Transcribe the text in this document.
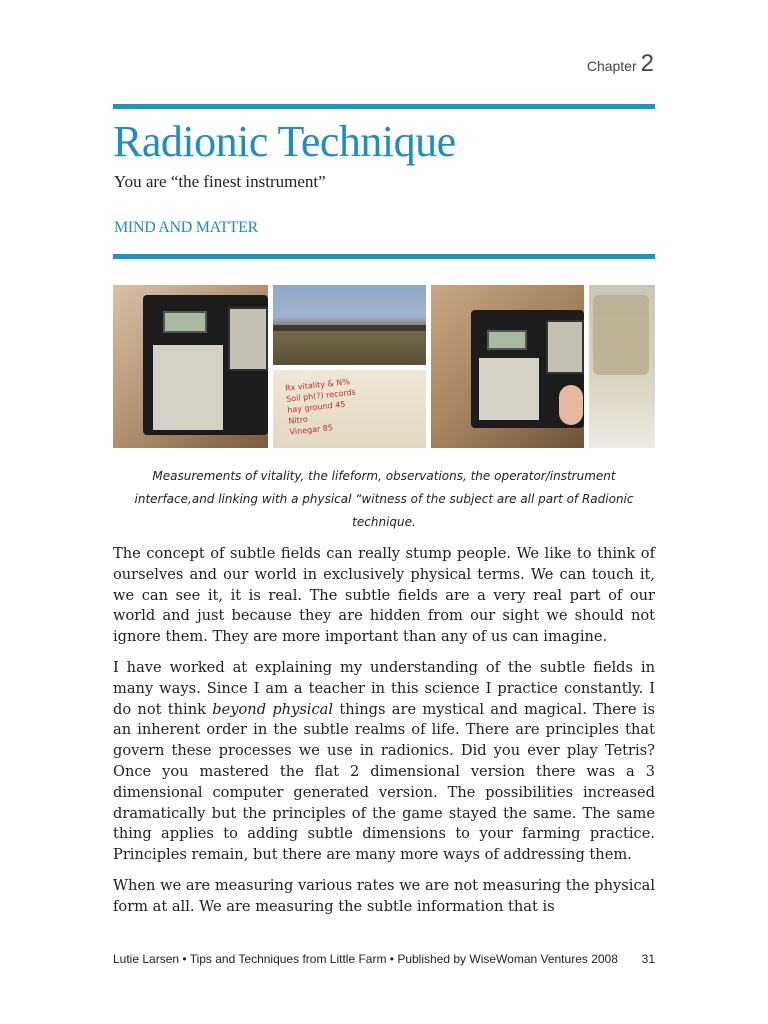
Chapter 2
Radionic Technique
You are “the finest instrument”
MIND AND MATTER
Rx vitality & N%
Soil ph(?) records
hay ground 45
Nitro
Vinegar 85

Measurements of vitality, the lifeform, observations, the operator/instrument interface,and linking with a physical “witness of the subject are all part of Radionic technique.

The concept of subtle fields can really stump people. We like to think of ourselves and our world in exclusively physical terms. We can touch it, we can see it, it is real. The subtle fields are a very real part of our world and just because they are hidden from our sight we should not ignore them. They are more important than any of us can imagine.

I have worked at explaining my understanding of the subtle fields in many ways. Since I am a teacher in this science I practice constantly. I do not think beyond physical things are mystical and magical. There is an inherent order in the subtle realms of life. There are principles that govern these processes we use in radionics. Did you ever play Tetris? Once you mastered the flat 2 dimensional version there was a 3 dimensional computer generated version. The possibilities increased dramatically but the principles of the game stayed the same. The same thing applies to adding subtle dimensions to your farming practice. Principles remain, but there are many more ways of addressing them.

When we are measuring various rates we are not measuring the physical form at all. We are measuring the subtle information that is

Lutie Larsen • Tips and Techniques from Little Farm • Published by WiseWoman Ventures 2008 31
